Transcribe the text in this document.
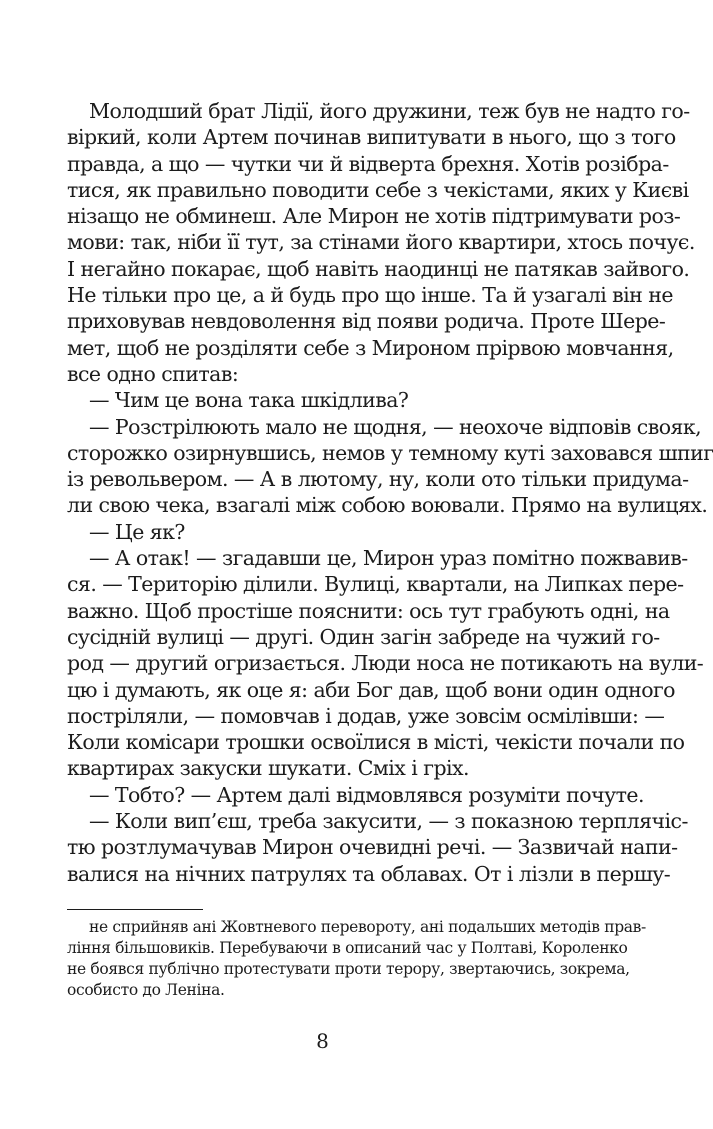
Молодший брат Лідії, його дружини, теж був не надто го-
віркий, коли Артем починав випитувати в нього, що з того
правда, а що — чутки чи й відверта брехня. Хотів розібра-
тися, як правильно поводити себе з чекістами, яких у Києві
нізащо не обминеш. Але Мирон не хотів підтримувати роз-
мови: так, ніби її тут, за стінами його квартири, хтось почує.
І негайно покарає, щоб навіть наодинці не патякав зайвого.
Не тільки про це, а й будь про що інше. Та й узагалі він не
приховував невдоволення від появи родича. Проте Шере-
мет, щоб не розділяти себе з Мироном прірвою мовчання,
все одно спитав:
— Чим це вона така шкідлива?
— Розстрілюють мало не щодня, — неохоче відповів свояк,
сторожко озирнувшись, немов у темному куті заховався шпиг
із револьвером. — А в лютому, ну, коли ото тільки придума-
ли свою чека, взагалі між собою воювали. Прямо на вулицях.
— Це як?
— А отак! — згадавши це, Мирон ураз помітно пожвавив-
ся. — Територію ділили. Вулиці, квартали, на Липках пере-
важно. Щоб простіше пояснити: ось тут грабують одні, на
сусідній вулиці — другі. Один загін забреде на чужий го-
род — другий огризається. Люди носа не потикають на вули-
цю і думають, як оце я: аби Бог дав, щоб вони один одного
постріляли, — помовчав і додав, уже зовсім осмілівши: —
Коли комісари трошки освоїлися в місті, чекісти почали по
квартирах закуски шукати. Сміх і гріх.
— Тобто? — Артем далі відмовлявся розуміти почуте.
— Коли вип’єш, треба закусити, — з показною терплячіс-
тю розтлумачував Мирон очевидні речі. — Зазвичай напи-
валися на нічних патрулях та облавах. От і лізли в першу-
не сприйняв ані Жовтневого перевороту, ані подальших методів прав-
ління більшовиків. Перебуваючи в описаний час у Полтаві, Короленко
не боявся публічно протестувати проти терору, звертаючись, зокрема,
особисто до Леніна.
8
